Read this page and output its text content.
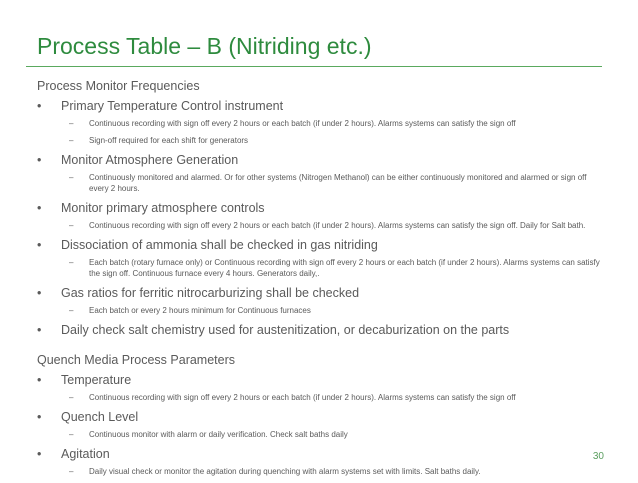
Process Table – B (Nitriding etc.)
Process Monitor Frequencies
•	Primary Temperature Control instrument
– Continuous recording with sign off every 2 hours or each batch (if under 2 hours). Alarms systems can satisfy the sign off
– Sign-off required for each shift for generators
•	Monitor Atmosphere Generation
– Continuously monitored and alarmed. Or for other systems (Nitrogen Methanol) can be either continuously monitored and alarmed or sign off every 2 hours.
•	Monitor primary atmosphere controls
– Continuous recording with sign off every 2 hours or each batch (if under 2 hours). Alarms systems can satisfy the sign off. Daily for Salt bath.
•	Dissociation of ammonia shall be checked in gas nitriding
– Each batch (rotary furnace only) or Continuous recording with sign off every 2 hours or each batch (if under 2 hours). Alarms systems can satisfy the sign off. Continuous furnace every 4 hours. Generators daily,.
•	Gas ratios for ferritic nitrocarburizing shall be checked
– Each batch or every 2 hours minimum for Continuous furnaces
•	Daily check salt chemistry used for austenitization, or decaburization on the parts
Quench Media Process Parameters
•	Temperature
– Continuous recording with sign off every 2 hours or each batch (if under 2 hours). Alarms systems can satisfy the sign off
•	Quench Level
– Continuous monitor with alarm or daily verification. Check salt baths daily
•	Agitation
– Daily visual check or monitor the agitation during quenching with alarm systems set with limits. Salt baths daily.
30
